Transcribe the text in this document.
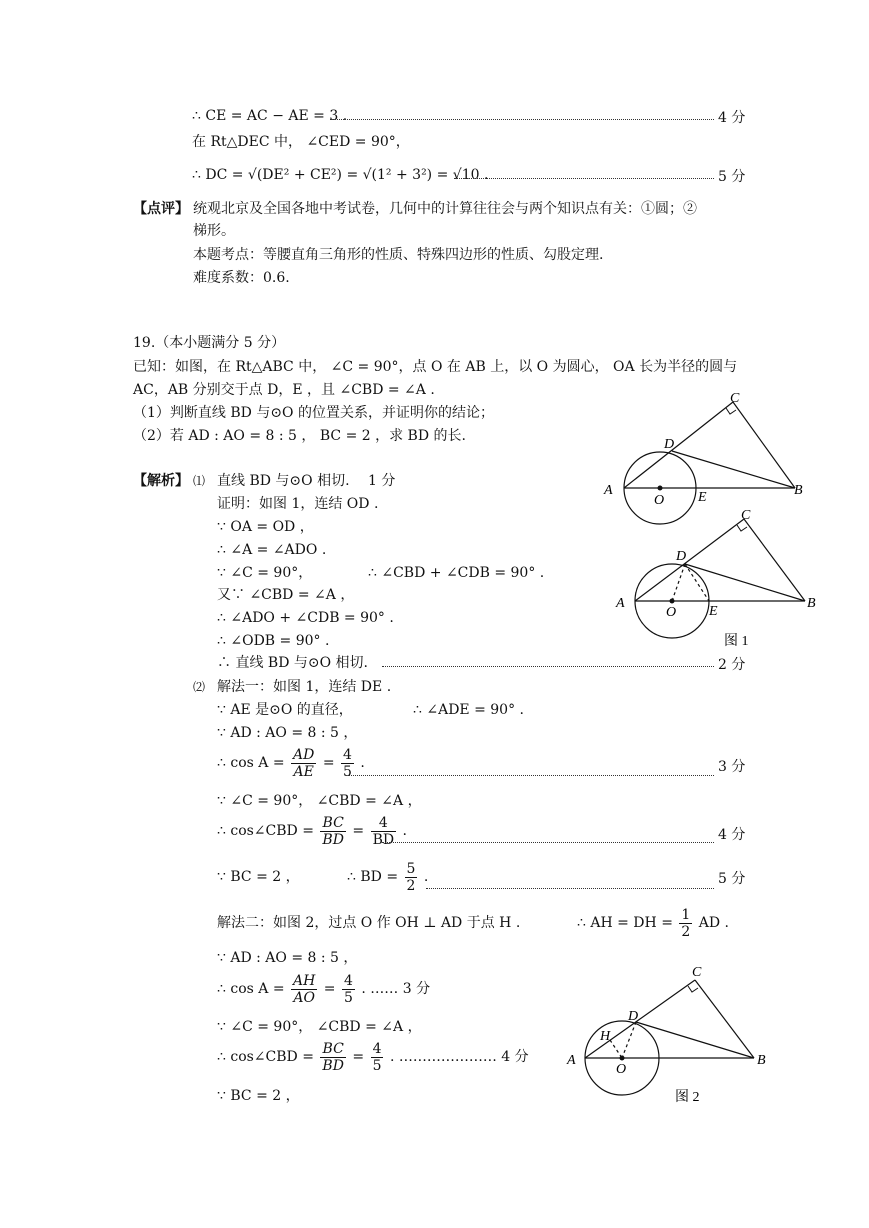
∴ CE = AC − AE = 3 .	4 分
在 Rt△DEC 中， ∠CED = 90°，
∴ DC = √(DE² + CE²) = √(1² + 3²) = √10 .	5 分
【点评】 统观北京及全国各地中考试卷，几何中的计算往往会与两个知识点有关：①圆；②
梯形。
本题考点：等腰直角三角形的性质、特殊四边形的性质、勾股定理.
难度系数：0.6.
19.（本小题满分 5 分）
已知：如图，在 Rt△ABC 中， ∠C = 90°，点 O 在 AB 上，以 O 为圆心， OA 长为半径的圆与
AC，AB 分别交于点 D，E ，且 ∠CBD = ∠A .
（1）判断直线 BD 与⊙O 的位置关系，并证明你的结论；
（2）若 AD : AO = 8 : 5 ， BC = 2 ，求 BD 的长.
【解析】 ⑴ 直线 BD 与⊙O 相切.　 1 分
证明：如图 1，连结 OD .
∵ OA = OD ，
∴ ∠A = ∠ADO .
∵ ∠C = 90°，	∴ ∠CBD + ∠CDB = 90° .
又∵ ∠CBD = ∠A ，
∴ ∠ADO + ∠CDB = 90° .
∴ ∠ODB = 90° .
∴ 直线 BD 与⊙O 相切.	2 分
⑵ 解法一：如图 1，连结 DE .
∵ AE 是⊙O 的直径，	∴ ∠ADE = 90° .
∵ AD : AO = 8 : 5 ，
∴ $\cos A = \frac{AD}{AE} = \frac{4}{5}$ .	3 分
∵ ∠C = 90°， ∠CBD = ∠A ，
∴ cos∠CBD = $\frac{BC}{BD} = \frac{4}{BD}$ .	4 分
∵ BC = 2 ，	∴ BD = $\frac{5}{2}$ .	5 分
解法二：如图 2，过点 O 作 OH ⊥ AD 于点 H .	∴ AH = DH = $\frac{1}{2}$ AD .
∵ AD : AO = 8 : 5 ，
∴ $\cos A = \frac{AH}{AO} = \frac{4}{5}$ . …… 3 分
∵ ∠C = 90°， ∠CBD = ∠A ，
∴ cos∠CBD = $\frac{BC}{BD} = \frac{4}{5}$ . ………………… 4 分
∵ BC = 2 ，
A	B
C
D
E
O
A	B
C
D
E
O
图 1
A	B
C
D
H
O
图 2
